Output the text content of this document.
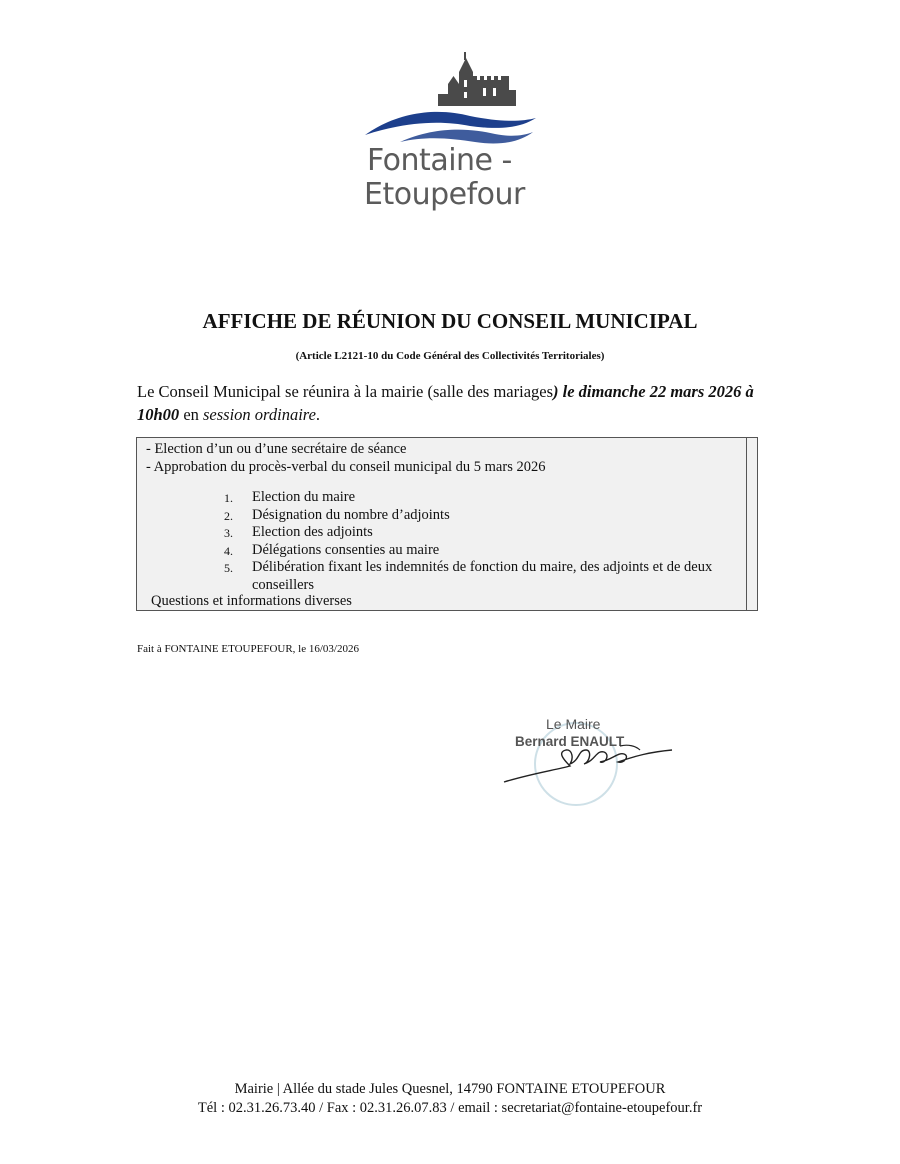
Fontaine -
Etoupefour
AFFICHE DE RÉUNION DU CONSEIL MUNICIPAL
(Article L2121-10 du Code Général des Collectivités Territoriales)
Le Conseil Municipal se réunira à la mairie (salle des mariages) le dimanche 22 mars 2026 à 10h00 en session ordinaire.

- Election d’un ou d’une secrétaire de séance

- Approbation du procès-verbal du conseil municipal du 5 mars 2026

1. Election du maire
2. Désignation du nombre d’adjoints
3. Election des adjoints
4. Délégations consenties au maire
5. Délibération fixant les indemnités de fonction du maire, des adjoints et de deux conseillers
Questions et informations diverses
Fait à FONTAINE ETOUPEFOUR, le 16/03/2026
Le Maire
Bernard ENAULT
Mairie | Allée du stade Jules Quesnel, 14790 FONTAINE ETOUPEFOUR
Tél : 02.31.26.73.40 / Fax : 02.31.26.07.83 / email : secretariat@fontaine-etoupefour.fr
